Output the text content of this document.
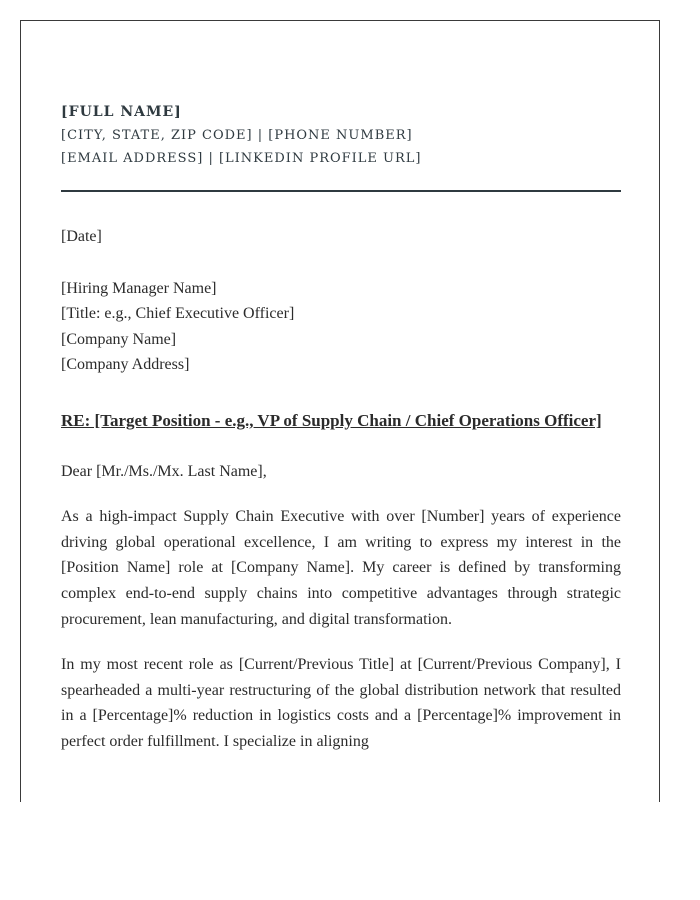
[FULL NAME]

[CITY, STATE, ZIP CODE] | [PHONE NUMBER]

[EMAIL ADDRESS] | [LINKEDIN PROFILE URL]

[Date]

[Hiring Manager Name]

[Title: e.g., Chief Executive Officer]

[Company Name]

[Company Address]

RE: [Target Position - e.g., VP of Supply Chain / Chief Operations Officer]

Dear [Mr./Ms./Mx. Last Name],

As a high-impact Supply Chain Executive with over [Number] years of experience driving global operational excellence, I am writing to express my interest in the [Position Name] role at [Company Name]. My career is defined by transforming complex end-to-end supply chains into competitive advantages through strategic procurement, lean manufacturing, and digital transformation.

In my most recent role as [Current/Previous Title] at [Current/Previous Company], I spearheaded a multi-year restructuring of the global distribution network that resulted in a [Percentage]% reduction in logistics costs and a [Percentage]% improvement in perfect order fulfillment. I specialize in aligning
